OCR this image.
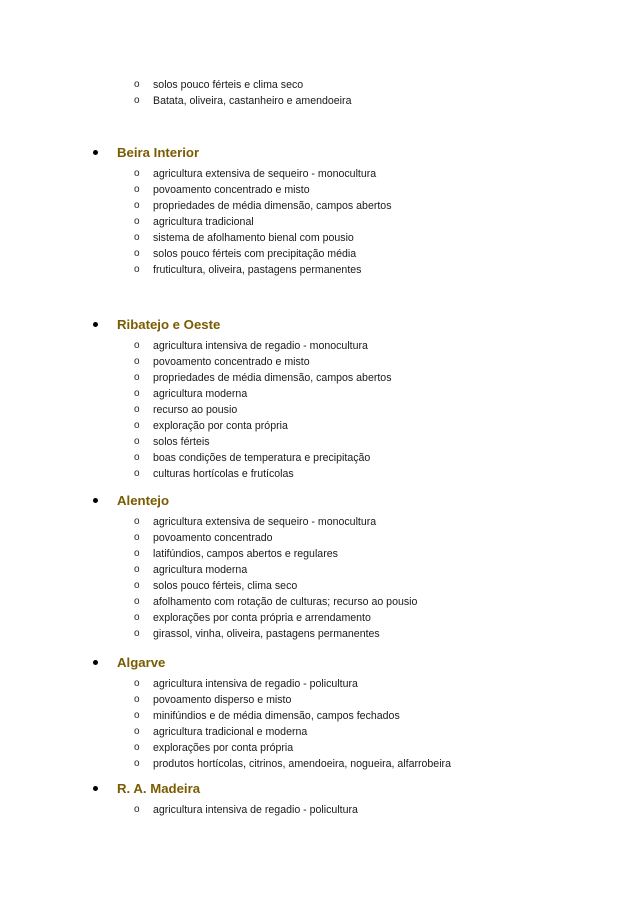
o solos pouco férteis e clima seco
o Batata, oliveira, castanheiro e amendoeira
Beira Interior
o agricultura extensiva de sequeiro - monocultura
o povoamento concentrado e misto
o propriedades de média dimensão, campos abertos
o agricultura tradicional
o sistema de afolhamento bienal com pousio
o solos pouco férteis com precipitação média
o fruticultura, oliveira, pastagens permanentes
Ribatejo e Oeste
o agricultura intensiva de regadio - monocultura
o povoamento concentrado e misto
o propriedades de média dimensão, campos abertos
o agricultura moderna
o recurso ao pousio
o exploração por conta própria
o solos férteis
o boas condições de temperatura e precipitação
o culturas hortícolas e frutícolas
Alentejo
o agricultura extensiva de sequeiro - monocultura
o povoamento concentrado
o latifúndios, campos abertos e regulares
o agricultura moderna
o solos pouco férteis, clima seco
o afolhamento com rotação de culturas; recurso ao pousio
o explorações por conta própria e arrendamento
o girassol, vinha, oliveira, pastagens permanentes
Algarve
o agricultura intensiva de regadio - policultura
o povoamento disperso e misto
o minifúndios e de média dimensão, campos fechados
o agricultura tradicional e moderna
o explorações por conta própria
o produtos hortícolas, citrinos, amendoeira, nogueira, alfarrobeira
R. A. Madeira
o agricultura intensiva de regadio - policultura
